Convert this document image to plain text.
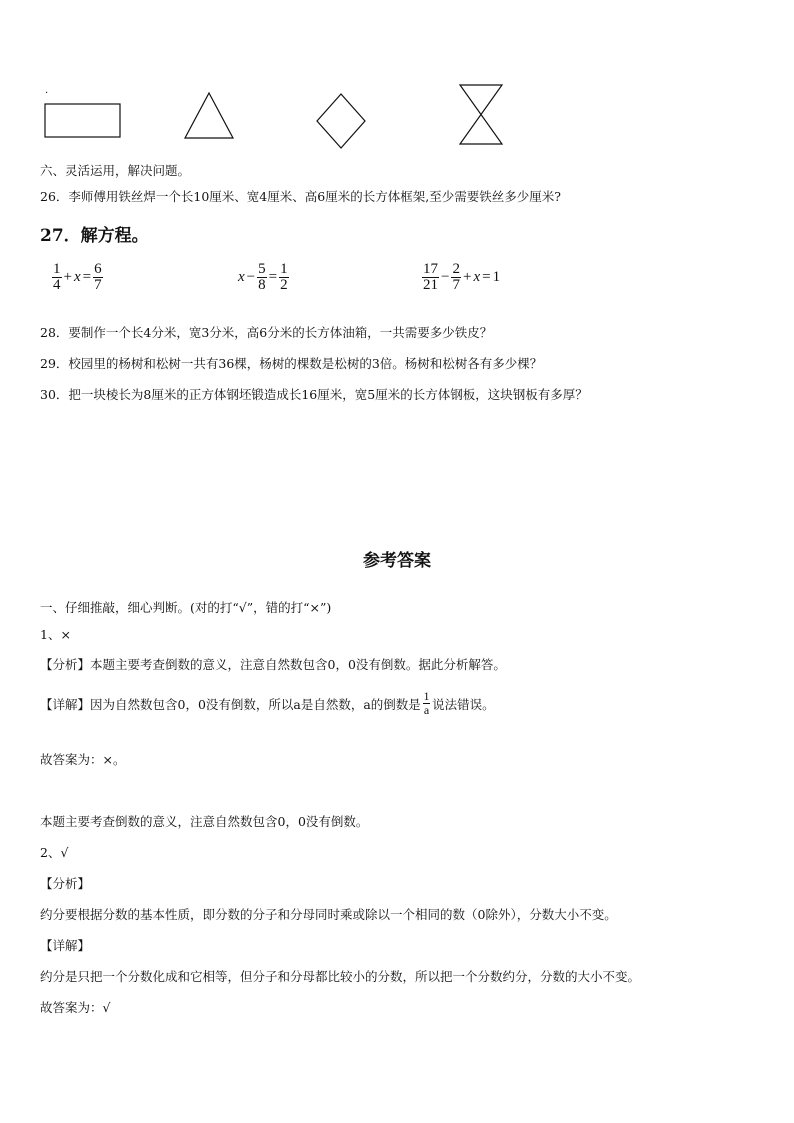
·
六、灵活运用，解决问题。
26．李师傅用铁丝焊一个长10厘米、宽4厘米、高6厘米的长方体框架,至少需要铁丝多少厘米?
27．解方程。
$\frac{1}{4} + x = \frac{6}{7}$	$x - \frac{5}{8} = \frac{1}{2}$	$\frac{17}{21} - \frac{2}{7} + x = 1$
28．要制作一个长4分米，宽3分米，高6分米的长方体油箱，一共需要多少铁皮？
29．校园里的杨树和松树一共有36棵，杨树的棵数是松树的3倍。杨树和松树各有多少棵？
30．把一块棱长为8厘米的正方体钢坯锻造成长16厘米，宽5厘米的长方体钢板，这块钢板有多厚？
参考答案
一、仔细推敲，细心判断。(对的打“√”，错的打“×”)
1、×
【分析】本题主要考查倒数的意义，注意自然数包含0，0没有倒数。据此分析解答。
【详解】因为自然数包含0，0没有倒数，所以a是自然数，a的倒数是
1
a 说法错误。
故答案为：×。
本题主要考查倒数的意义，注意自然数包含0，0没有倒数。
2、√
【分析】
约分要根据分数的基本性质，即分数的分子和分母同时乘或除以一个相同的数（0除外），分数大小不变。
【详解】
约分是只把一个分数化成和它相等，但分子和分母都比较小的分数，所以把一个分数约分，分数的大小不变。
故答案为：√
